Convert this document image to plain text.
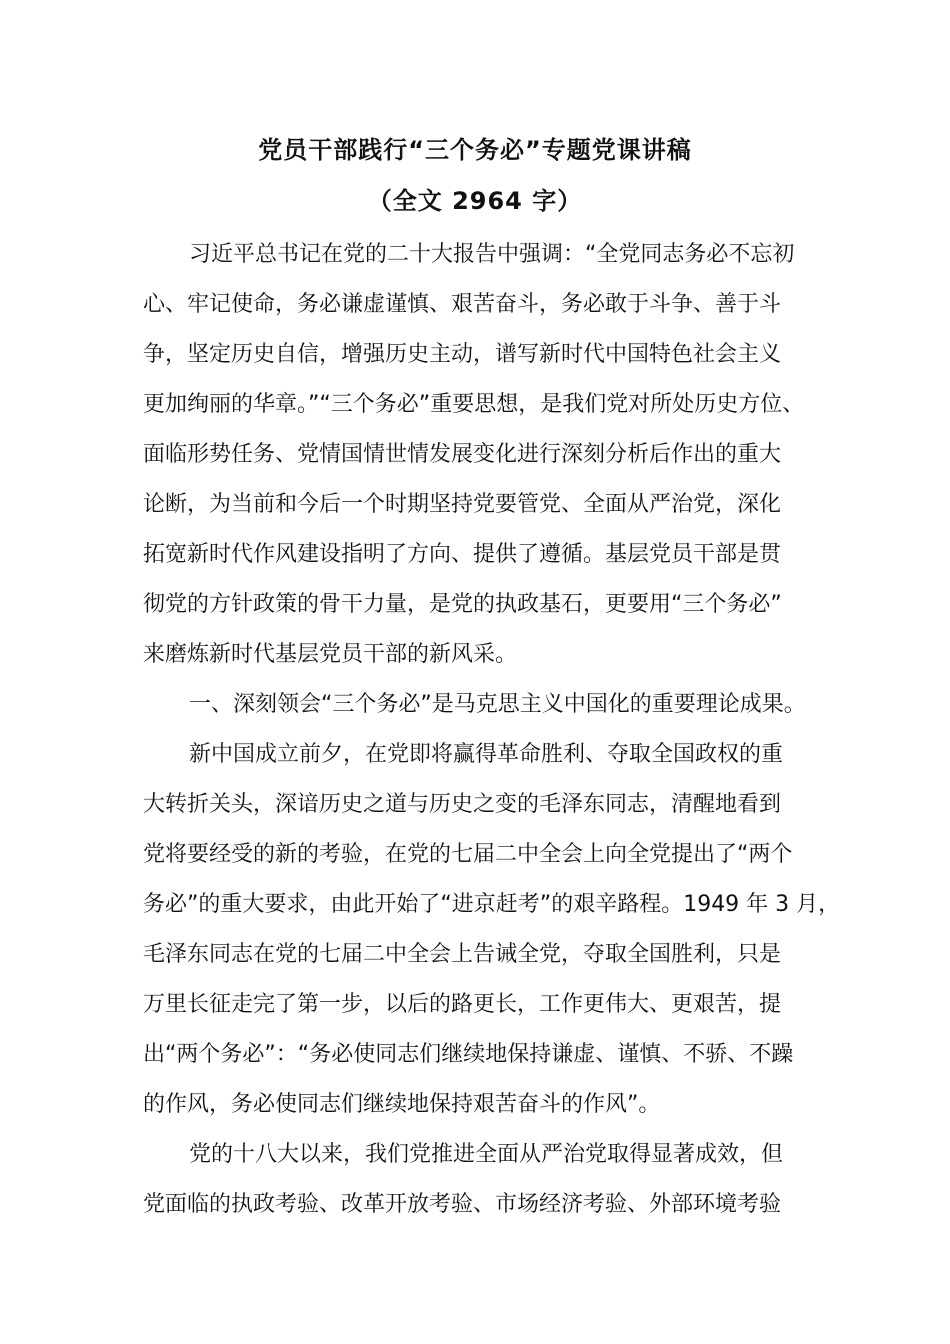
党员干部践行“三个务必”专题党课讲稿
（全文 2964 字）
习近平总书记在党的二十大报告中强调：“全党同志务必不忘初
心、牢记使命，务必谦虚谨慎、艰苦奋斗，务必敢于斗争、善于斗
争，坚定历史自信，增强历史主动，谱写新时代中国特色社会主义
更加绚丽的华章。”“三个务必”重要思想，是我们党对所处历史方位、
面临形势任务、党情国情世情发展变化进行深刻分析后作出的重大
论断，为当前和今后一个时期坚持党要管党、全面从严治党，深化
拓宽新时代作风建设指明了方向、提供了遵循。基层党员干部是贯
彻党的方针政策的骨干力量，是党的执政基石，更要用“三个务必”
来磨炼新时代基层党员干部的新风采。
一、深刻领会“三个务必”是马克思主义中国化的重要理论成果。
新中国成立前夕，在党即将赢得革命胜利、夺取全国政权的重
大转折关头，深谙历史之道与历史之变的毛泽东同志，清醒地看到
党将要经受的新的考验，在党的七届二中全会上向全党提出了“两个
务必”的重大要求，由此开始了“进京赶考”的艰辛路程。1949 年 3 月，
毛泽东同志在党的七届二中全会上告诫全党，夺取全国胜利，只是
万里长征走完了第一步，以后的路更长，工作更伟大、更艰苦，提
出“两个务必”：“务必使同志们继续地保持谦虚、谨慎、不骄、不躁
的作风，务必使同志们继续地保持艰苦奋斗的作风”。
党的十八大以来，我们党推进全面从严治党取得显著成效，但
党面临的执政考验、改革开放考验、市场经济考验、外部环境考验
